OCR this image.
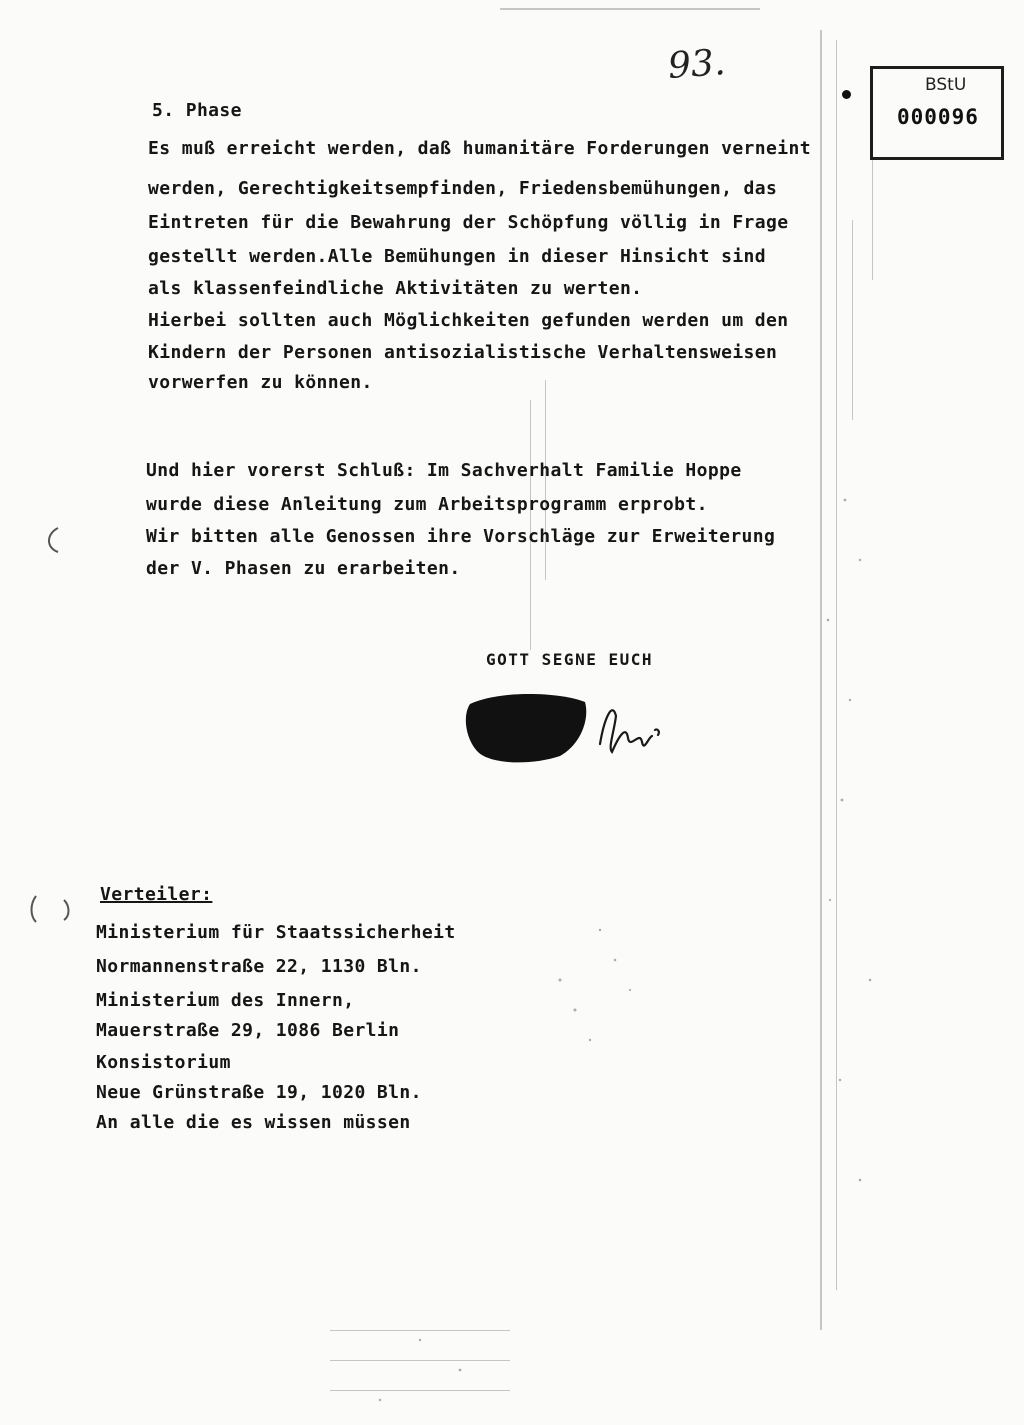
93.	BStU
000096
5. Phase
Es muß erreicht werden, daß humanitäre Forderungen verneint
werden, Gerechtigkeitsempfinden, Friedensbemühungen, das
Eintreten für die Bewahrung der Schöpfung völlig in Frage
gestellt werden.Alle Bemühungen in dieser Hinsicht sind
als klassenfeindliche Aktivitäten zu werten.
Hierbei sollten auch Möglichkeiten gefunden werden um den
Kindern der Personen antisozialistische Verhaltensweisen
vorwerfen zu können.
Und hier vorerst Schluß: Im Sachverhalt Familie Hoppe
wurde diese Anleitung zum Arbeitsprogramm erprobt.
Wir bitten alle Genossen ihre Vorschläge zur Erweiterung
der V. Phasen zu erarbeiten.
GOTT SEGNE EUCH
Verteiler:
Ministerium für Staatssicherheit
Normannenstraße 22, 1130 Bln.
Ministerium des Innern,
Mauerstraße 29, 1086 Berlin
Konsistorium
Neue Grünstraße 19, 1020 Bln.
An alle die es wissen müssen
